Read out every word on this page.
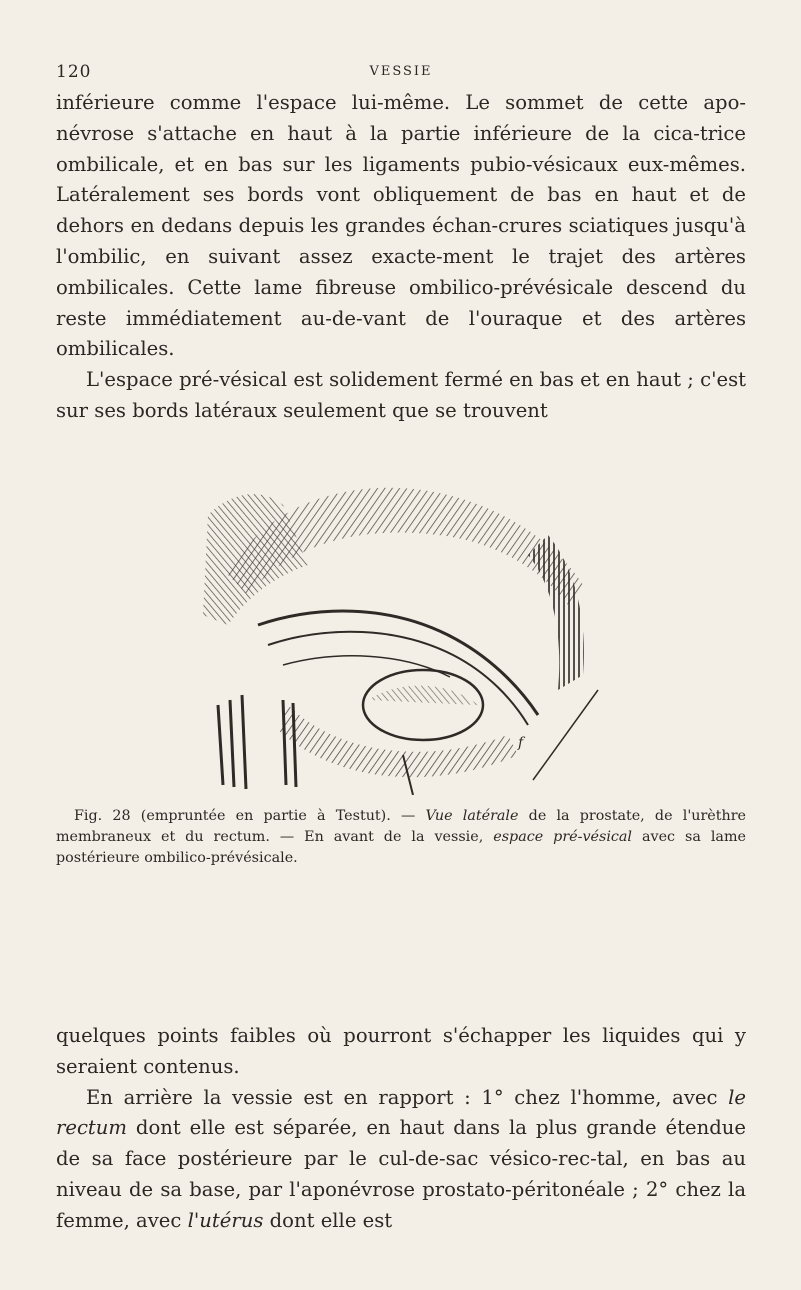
120	VESSIE

inférieure comme l'espace lui-même. Le sommet de cette apo-névrose s'attache en haut à la partie inférieure de la cica-trice ombilicale, et en bas sur les ligaments pubio-vésicaux eux-mêmes. Latéralement ses bords vont obliquement de bas en haut et de dehors en dedans depuis les grandes échan-crures sciatiques jusqu'à l'ombilic, en suivant assez exacte-ment le trajet des artères ombilicales. Cette lame fibreuse ombilico-prévésicale descend du reste immédiatement au-de-vant de l'ouraque et des artères ombilicales.

L'espace pré-vésical est solidement fermé en bas et en haut ; c'est sur ses bords latéraux seulement que se trouvent

f

Fig. 28 (empruntée en partie à Testut). — Vue latérale de la prostate, de l'urèthre membraneux et du rectum. — En avant de la vessie, espace pré-vésical avec sa lame postérieure ombilico-prévésicale.

quelques points faibles où pourront s'échapper les liquides qui y seraient contenus.

En arrière la vessie est en rapport : 1° chez l'homme, avec le rectum dont elle est séparée, en haut dans la plus grande étendue de sa face postérieure par le cul-de-sac vésico-rec-tal, en bas au niveau de sa base, par l'aponévrose prostato-péritonéale ; 2° chez la femme, avec l'utérus dont elle est
